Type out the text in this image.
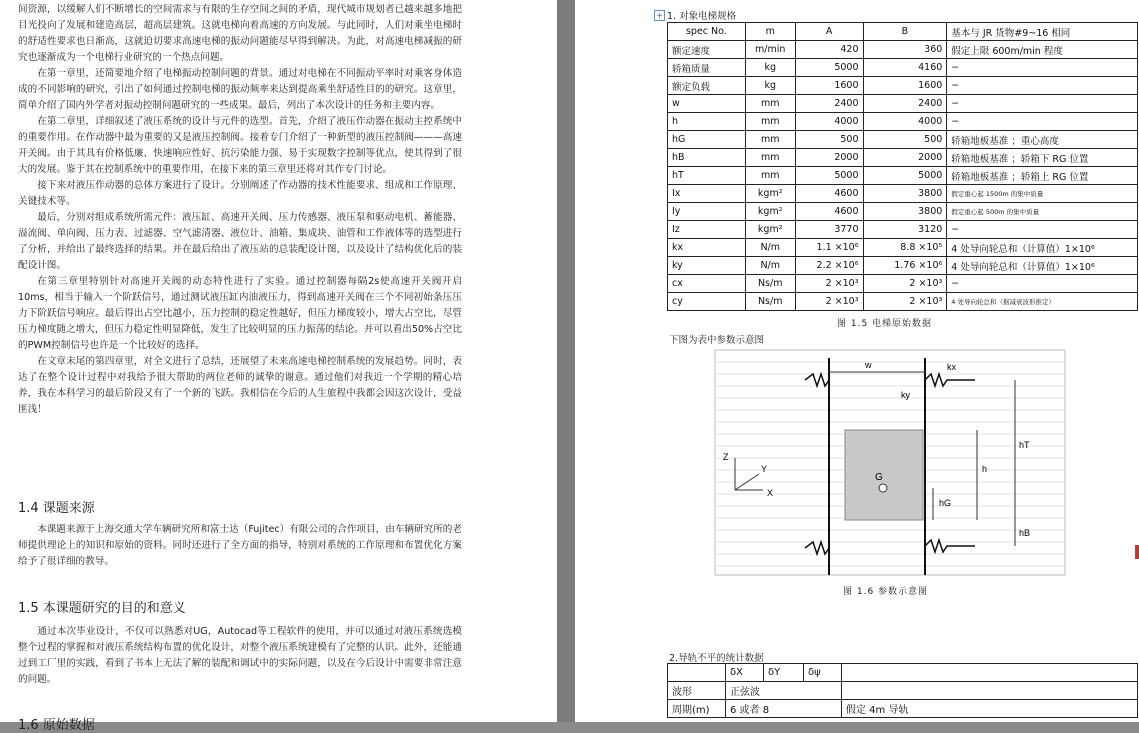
间资源，以缓解人们不断增长的空间需求与有限的生存空间之间的矛盾，现代城市规划者已越来越多地把目光投向了发展和建造高层，超高层建筑。这就电梯向着高速的方向发展。与此同时，人们对乘坐电梯时的舒适性要求也日渐高，这就迫切要求高速电梯的振动问题能尽早得到解决。为此，对高速电梯减振的研究也逐渐成为一个电梯行业研究的一个热点问题。

在第一章里，还简要地介绍了电梯振动控制问题的背景。通过对电梯在不同振动平率时对乘客身体造成的不同影响的研究，引出了如何通过控制电梯的振动频率来达到提高乘坐舒适性目的的研究。这章里，简单介绍了国内外学者对振动控制问题研究的一些成果。最后，列出了本次设计的任务和主要内容。

在第二章里，详细叙述了液压系统的设计与元件的选型。首先，介绍了液压作动器在振动主控系统中的重要作用。在作动器中最为重要的又是液压控制阀。接着专门介绍了一种新型的液压控制阀———高速开关阀。由于其具有价格低廉、快速响应性好、抗污染能力强、易于实现数字控制等优点，使其得到了很大的发展。鉴于其在控制系统中的重要作用，在接下来的第三章里还将对其作专门讨论。

接下来对液压作动器的总体方案进行了设计。分别阐述了作动器的技术性能要求、组成和工作原理、关键技术等。

最后，分别对组成系统所需元件：液压缸、高速开关阀、压力传感器、液压泵和驱动电机、蓄能器、溢流阀、单向阀、压力表、过滤器、空气滤清器、液位计、油箱、集成块、油管和工作液体等的选型进行了分析，并给出了最终选择的结果。并在最后给出了液压站的总装配设计图，以及设计了结构优化后的装配设计图。

在第三章里特别针对高速开关阀的动态特性进行了实验。通过控制器每隔2s使高速开关阀开启10ms，相当于输入一个阶跃信号，通过测试液压缸内油液压力，得到高速开关阀在三个不同初始条压压力下阶跃信号响应。最后得出占空比越小，压力控制的稳定性越好，但压力梯度较小，增大占空比，尽管压力梯度随之增大，但压力稳定性明显降低，发生了比较明显的压力振荡的结论。并可以看出50%占空比的PWM控制信号也许是一个比较好的选择。

在文章末尾的第四章里，对全文进行了总结，还展望了未来高速电梯控制系统的发展趋势。同时，表达了在整个设计过程中对我给予很大帮助的两位老师的诚挚的谢意。通过他们对我近一个学期的精心培养，我在本科学习的最后阶段又有了一个新的飞跃。我相信在今后的人生旅程中我都会因这次设计，受益匪浅！

1.4 课题来源

本课题来源于上海交通大学车辆研究所和富士达（Fujitec）有限公司的合作项目，由车辆研究所的老师提供理论上的知识和原始的资料。同时还进行了全方面的指导，特别对系统的工作原理和布置优化方案给予了很详细的教导。

1.5 本课题研究的目的和意义

通过本次毕业设计，不仅可以熟悉对UG，Autocad等工程软件的使用，并可以通过对液压系统选模整个过程的掌握和对液压系统结构布置的优化设计，对整个液压系统建模有了完整的认识。此外，还能通过到工厂里的实践，看到了书本上无法了解的装配和调试中的实际问题，以及在今后设计中需要非常注意的问题。

1.6 原始数据
+ 1. 对象电梯规格
spec No.	m	A	B	基本与 JR 货物#9~16 相同
额定速度	m/min	420	360	假定上限 600m/min 程度
轿箱质量	kg	5000	4160	−
额定负载	kg	1600	1600	−
w	mm	2400	2400	−
h	mm	4000	4000	−
hG	mm	500	500	轿箱地板基准 ；重心高度
hB	mm	2000	2000	轿箱地板基准 ；轿箱下 RG 位置
hT	mm	5000	5000	轿箱地板基准 ；轿箱上 RG 位置
Ix	kgm²	4600	3800	假定重心起 1500m 的集中质量
Iy	kgm²	4600	3800	假定重心起 500m 的集中质量
Iz	kgm²	3770	3120	−
kx	N/m	1.1 ×10⁶	8.8 ×10⁵	4 处导向轮总和（计算值）1×10⁶
ky	N/m	2.2 ×10⁶	1.76 ×10⁶	4 处导向轮总和（计算值）1×10⁶
cx	Ns/m	2 ×10³	2 ×10³	−
cy	Ns/m	2 ×10³	2 ×10³	4 处导向轮总和（据减衰波形推定）
图 1.5 电梯原始数据
下图为表中参数示意图
G
w	kx
ky
hT
h
hG
hB
Z
Y
X
图 1.6 参数示意图
2.导轨不平的统计数据
	δX	δY	δψ	
波形	正弦波			
周期(m)	6 或者 8			假定 4m 导轨
